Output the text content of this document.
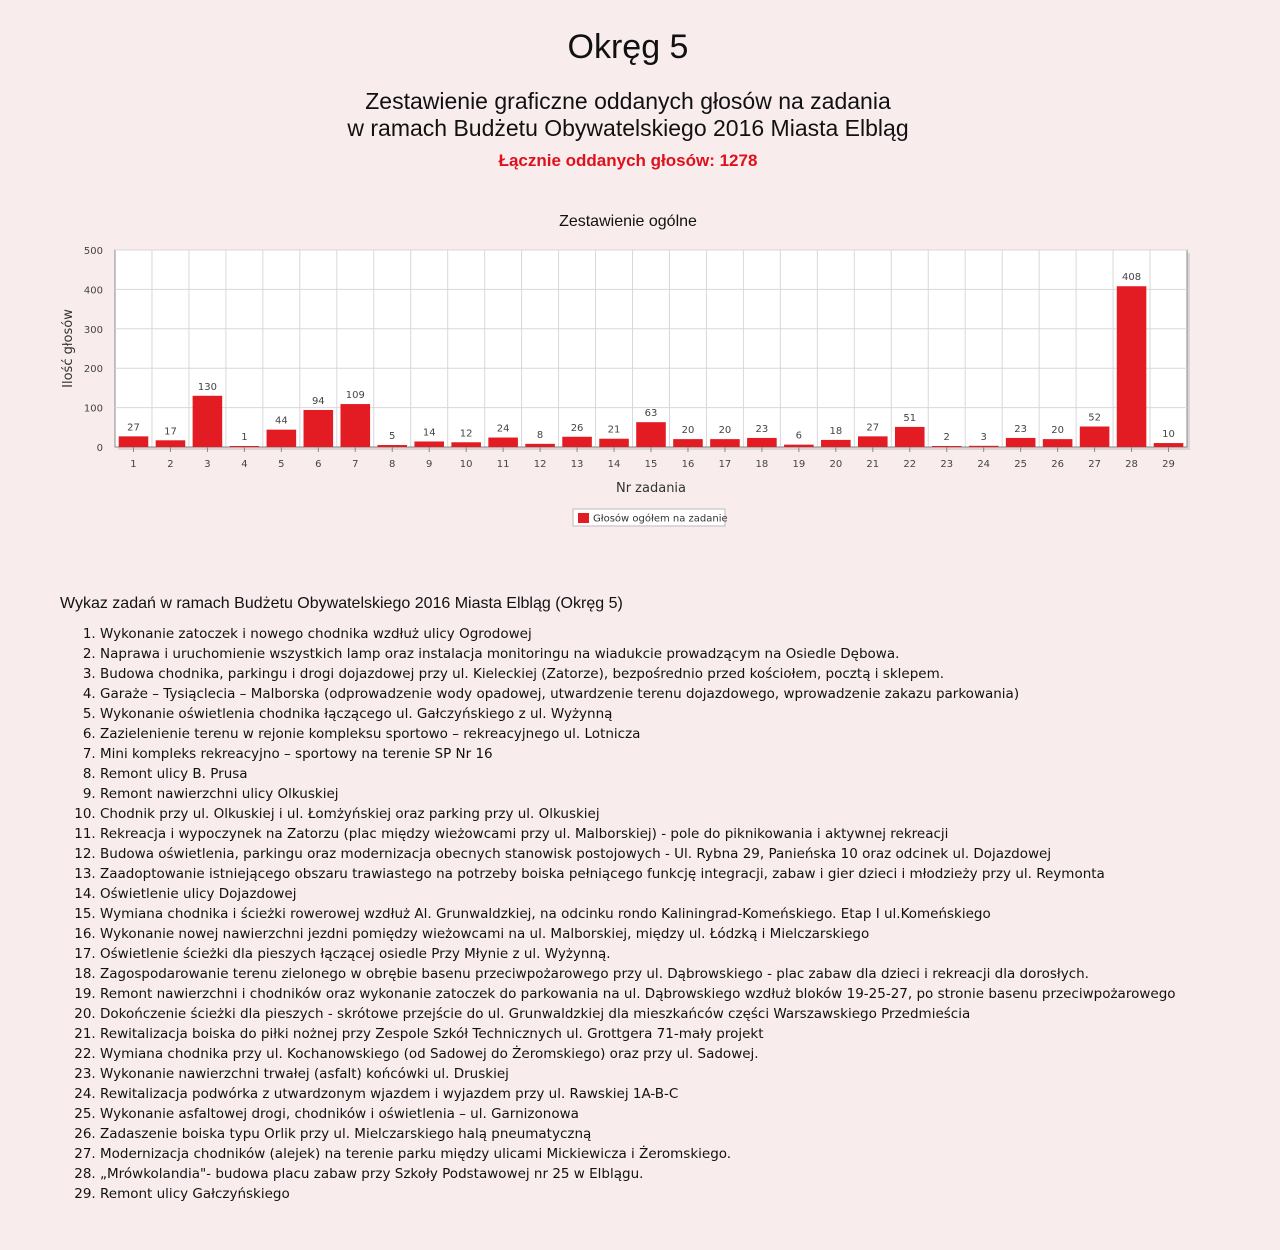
Okręg 5
Zestawienie graficzne oddanych głosów na zadania
w ramach Budżetu Obywatelskiego 2016 Miasta Elbląg
Łącznie oddanych głosów: 1278
Zestawienie ogólne
0
100
200
300
400
500
27
1
17
2
130
3
1
4
44
5
94
6
109
7
5
8
14
9
12
10
24
11
8
12
26
13
21
14
63
15
20
16
20
17
23
18
6
19
18
20
27
21
51
22
2
23
3
24
23
25
20
26
52
27
408
28
10
29
Nr zadania
Ilość głosów
Głosów ogółem na zadanie
Wykaz zadań w ramach Budżetu Obywatelskiego 2016 Miasta Elbląg (Okręg 5)
1. Wykonanie zatoczek i nowego chodnika wzdłuż ulicy Ogrodowej
2. Naprawa i uruchomienie wszystkich lamp oraz instalacja monitoringu na wiadukcie prowadzącym na Osiedle Dębowa.
3. Budowa chodnika, parkingu i drogi dojazdowej przy ul. Kieleckiej (Zatorze), bezpośrednio przed kościołem, pocztą i sklepem.
4. Garaże – Tysiąclecia – Malborska (odprowadzenie wody opadowej, utwardzenie terenu dojazdowego, wprowadzenie zakazu parkowania)
5. Wykonanie oświetlenia chodnika łączącego ul. Gałczyńskiego z ul. Wyżynną
6. Zazielenienie terenu w rejonie kompleksu sportowo – rekreacyjnego ul. Lotnicza
7. Mini kompleks rekreacyjno – sportowy na terenie SP Nr 16
8. Remont ulicy B. Prusa
9. Remont nawierzchni ulicy Olkuskiej
10. Chodnik przy ul. Olkuskiej i ul. Łomżyńskiej oraz parking przy ul. Olkuskiej
11. Rekreacja i wypoczynek na Zatorzu (plac między wieżowcami przy ul. Malborskiej) - pole do piknikowania i aktywnej rekreacji
12. Budowa oświetlenia, parkingu oraz modernizacja obecnych stanowisk postojowych - Ul. Rybna 29, Panieńska 10 oraz odcinek ul. Dojazdowej
13. Zaadoptowanie istniejącego obszaru trawiastego na potrzeby boiska pełniącego funkcję integracji, zabaw i gier dzieci i młodzieży przy ul. Reymonta
14. Oświetlenie ulicy Dojazdowej
15. Wymiana chodnika i ścieżki rowerowej wzdłuż Al. Grunwaldzkiej, na odcinku rondo Kaliningrad-Komeńskiego. Etap I ul.Komeńskiego
16. Wykonanie nowej nawierzchni jezdni pomiędzy wieżowcami na ul. Malborskiej, między ul. Łódzką i Mielczarskiego
17. Oświetlenie ścieżki dla pieszych łączącej osiedle Przy Młynie z ul. Wyżynną.
18. Zagospodarowanie terenu zielonego w obrębie basenu przeciwpożarowego przy ul. Dąbrowskiego - plac zabaw dla dzieci i rekreacji dla dorosłych.
19. Remont nawierzchni i chodników oraz wykonanie zatoczek do parkowania na ul. Dąbrowskiego wzdłuż bloków 19-25-27, po stronie basenu przeciwpożarowego
20. Dokończenie ścieżki dla pieszych - skrótowe przejście do ul. Grunwaldzkiej dla mieszkańców części Warszawskiego Przedmieścia
21. Rewitalizacja boiska do piłki nożnej przy Zespole Szkół Technicznych ul. Grottgera 71-mały projekt
22. Wymiana chodnika przy ul. Kochanowskiego (od Sadowej do Żeromskiego) oraz przy ul. Sadowej.
23. Wykonanie nawierzchni trwałej (asfalt) końcówki ul. Druskiej
24. Rewitalizacja podwórka z utwardzonym wjazdem i wyjazdem przy ul. Rawskiej 1A-B-C
25. Wykonanie asfaltowej drogi, chodników i oświetlenia – ul. Garnizonowa
26. Zadaszenie boiska typu Orlik przy ul. Mielczarskiego halą pneumatyczną
27. Modernizacja chodników (alejek) na terenie parku między ulicami Mickiewicza i Żeromskiego.
28. „Mrówkolandia"- budowa placu zabaw przy Szkoły Podstawowej nr 25 w Elblągu.
29. Remont ulicy Gałczyńskiego
